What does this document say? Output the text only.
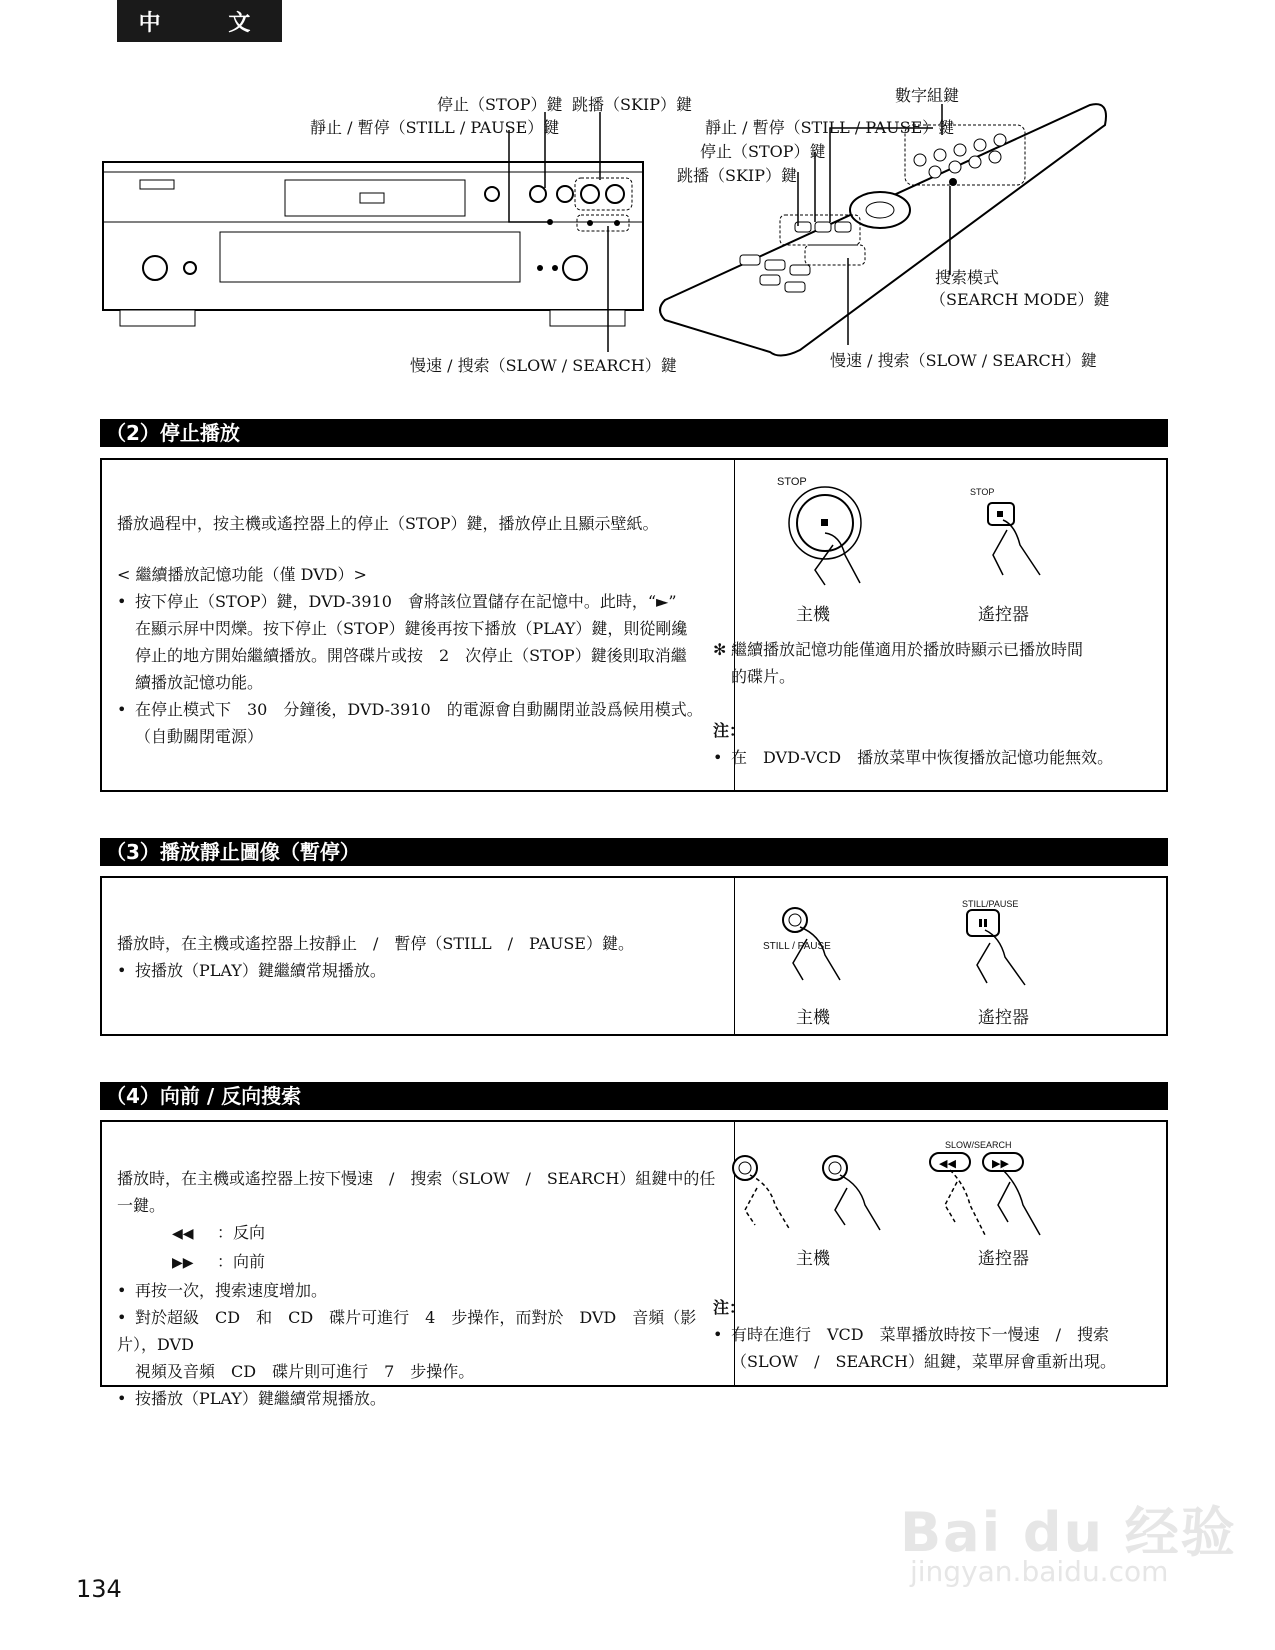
中 文
停止（STOP）鍵 跳播（SKIP）鍵
靜止 / 暫停（STILL / PAUSE）鍵
慢速 / 搜索（SLOW / SEARCH）鍵
數字組鍵
靜止 / 暫停（STILL / PAUSE）鍵
停止（STOP）鍵
跳播（SKIP）鍵
搜索模式
（SEARCH MODE）鍵
慢速 / 搜索（SLOW / SEARCH）鍵
（2）停止播放
播放過程中，按主機或遙控器上的停止（STOP）鍵，播放停止且顯示壁紙。
< 繼續播放記憶功能（僅 DVD）>
• 按下停止（STOP）鍵，DVD-3910　會將該位置儲存在記憶中。此時，“►”
在顯示屏中閃爍。按下停止（STOP）鍵後再按下播放（PLAY）鍵，則從剛纔
停止的地方開始繼續播放。開啓碟片或按　2　次停止（STOP）鍵後則取消繼
續播放記憶功能。
• 在停止模式下　30　分鐘後，DVD-3910　的電源會自動關閉並設爲候用模式。
（自動關閉電源）
STOP
STOP
主機	遙控器
✻ 繼續播放記憶功能僅適用於播放時顯示已播放時間
的碟片。
注：
• 在　DVD-VCD　播放菜單中恢復播放記憶功能無效。
（3）播放靜止圖像（暫停）
播放時，在主機或遙控器上按靜止　/　暫停（STILL　/　PAUSE）鍵。
• 按播放（PLAY）鍵繼續常規播放。
STILL / PAUSE
STILL/PAUSE
主機	遙控器
（4）向前 / 反向搜索
播放時，在主機或遙控器上按下慢速　/　搜索（SLOW　/　SEARCH）組鍵中的任一鍵。
◀◀ ：反向
▶▶ ：向前
• 再按一次，搜索速度增加。
• 對於超級　CD　和　CD　碟片可進行　4　步操作，而對於　DVD　音頻（影片），DVD
視頻及音頻　CD　碟片則可進行　7　步操作。
• 按播放（PLAY）鍵繼續常規播放。
◀◀	▶▶
SLOW/SEARCH
主機	遙控器
注：
• 有時在進行　VCD　菜單播放時按下一慢速　/　搜索
（SLOW　/　SEARCH）組鍵，菜單屏會重新出現。
134
Bai du 经验
jingyan.baidu.com
